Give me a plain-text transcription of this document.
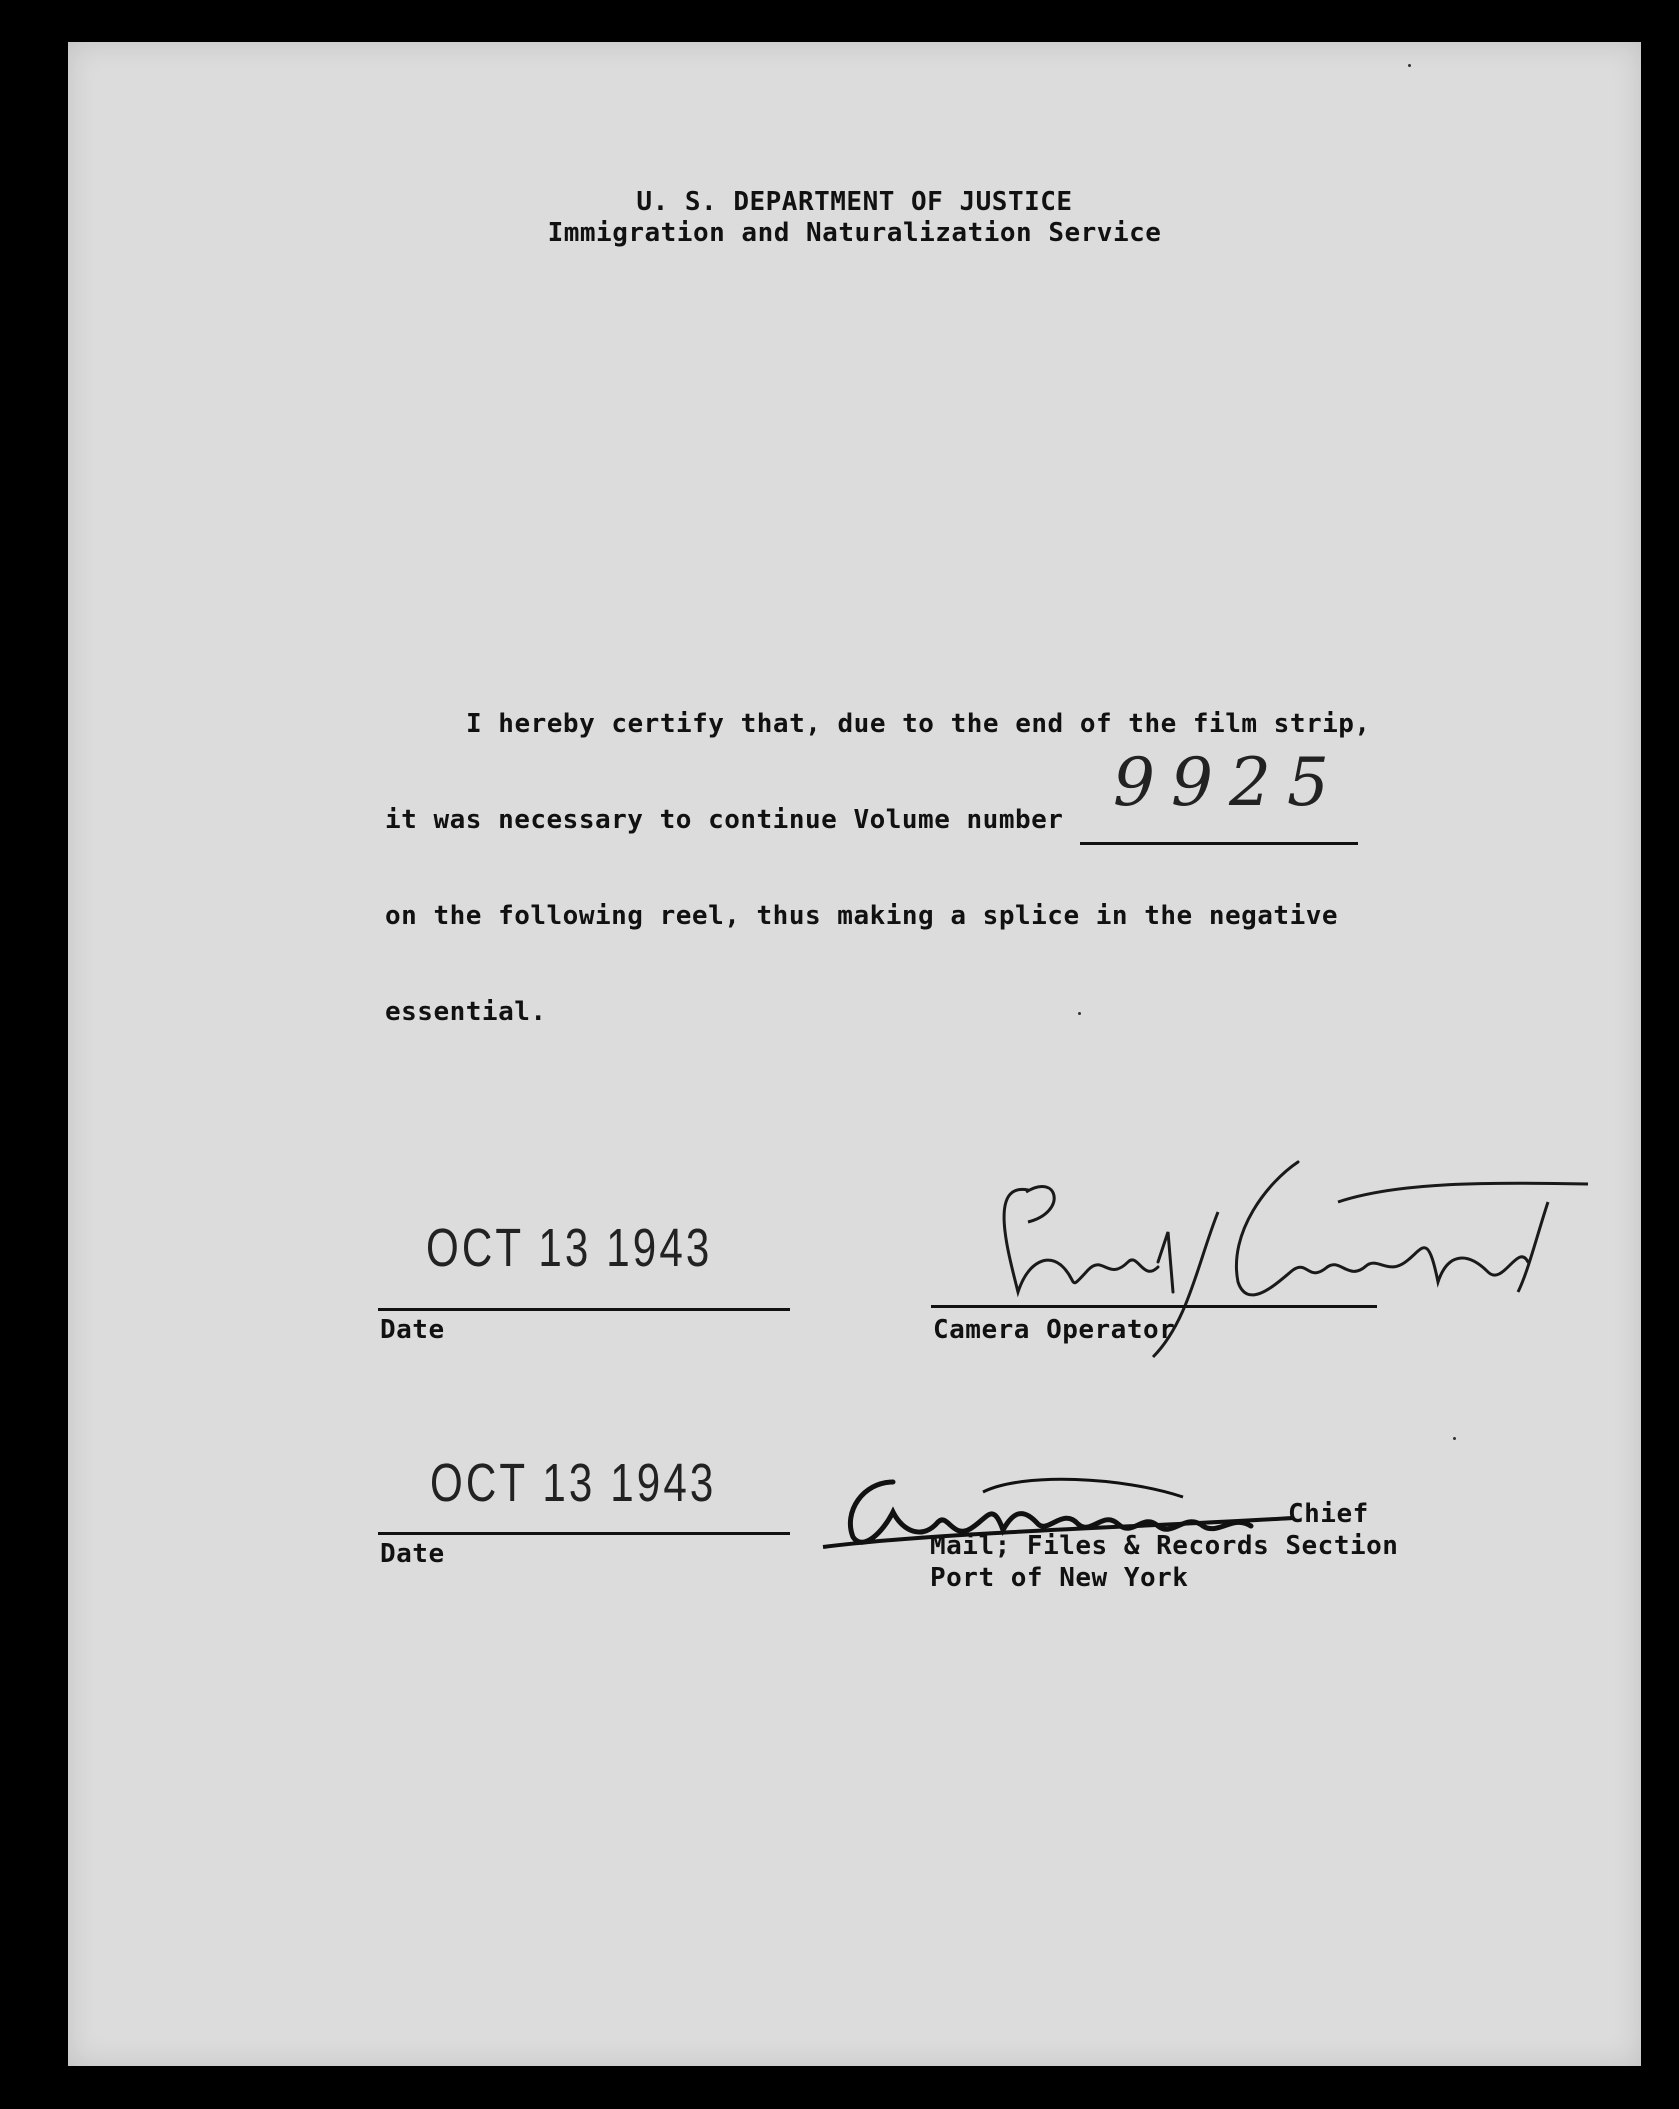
U. S. DEPARTMENT OF JUSTICE
Immigration and Naturalization Service
I hereby certify that, due to the end of the film strip,
it was necessary to continue Volume number 9925
on the following reel, thus making a splice in the negative
essential.
OCT 13 1943
Date	Camera Operator
OCT 13 1943
Date
Chief
Mail; Files & Records Section
Port of New York
